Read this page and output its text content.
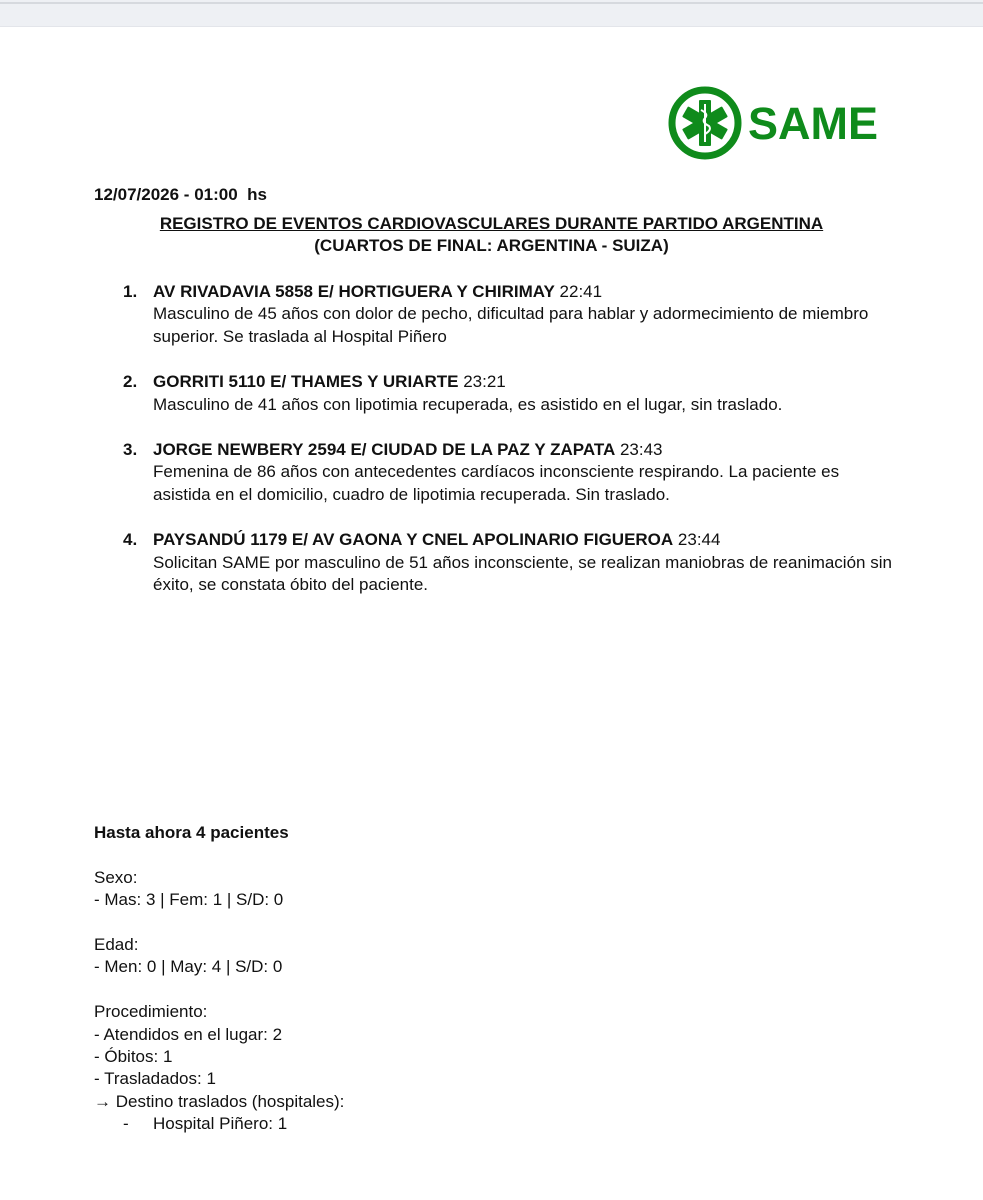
SAME
12/07/2026 - 01:00  hs
REGISTRO DE EVENTOS CARDIOVASCULARES DURANTE PARTIDO ARGENTINA
(CUARTOS DE FINAL: ARGENTINA - SUIZA)
1. AV RIVADAVIA 5858 E/ HORTIGUERA Y CHIRIMAY 22:41
Masculino de 45 años con dolor de pecho, dificultad para hablar y adormecimiento de miembro superior. Se traslada al Hospital Piñero
2. GORRITI 5110 E/ THAMES Y URIARTE 23:21
Masculino de 41 años con lipotimia recuperada, es asistido en el lugar, sin traslado.
3. JORGE NEWBERY 2594 E/ CIUDAD DE LA PAZ Y ZAPATA 23:43
Femenina de 86 años con antecedentes cardíacos inconsciente respirando. La paciente es asistida en el domicilio, cuadro de lipotimia recuperada. Sin traslado.
4. PAYSANDÚ 1179 E/ AV GAONA Y CNEL APOLINARIO FIGUEROA 23:44
Solicitan SAME por masculino de 51 años inconsciente, se realizan maniobras de reanimación sin éxito, se constata óbito del paciente.
Hasta ahora 4 pacientes
Sexo:
- Mas: 3 | Fem: 1 | S/D: 0
Edad:
- Men: 0 | May: 4 | S/D: 0
Procedimiento:
- Atendidos en el lugar: 2
- Óbitos: 1
- Trasladados: 1
→ Destino traslados (hospitales):
- Hospital Piñero: 1
